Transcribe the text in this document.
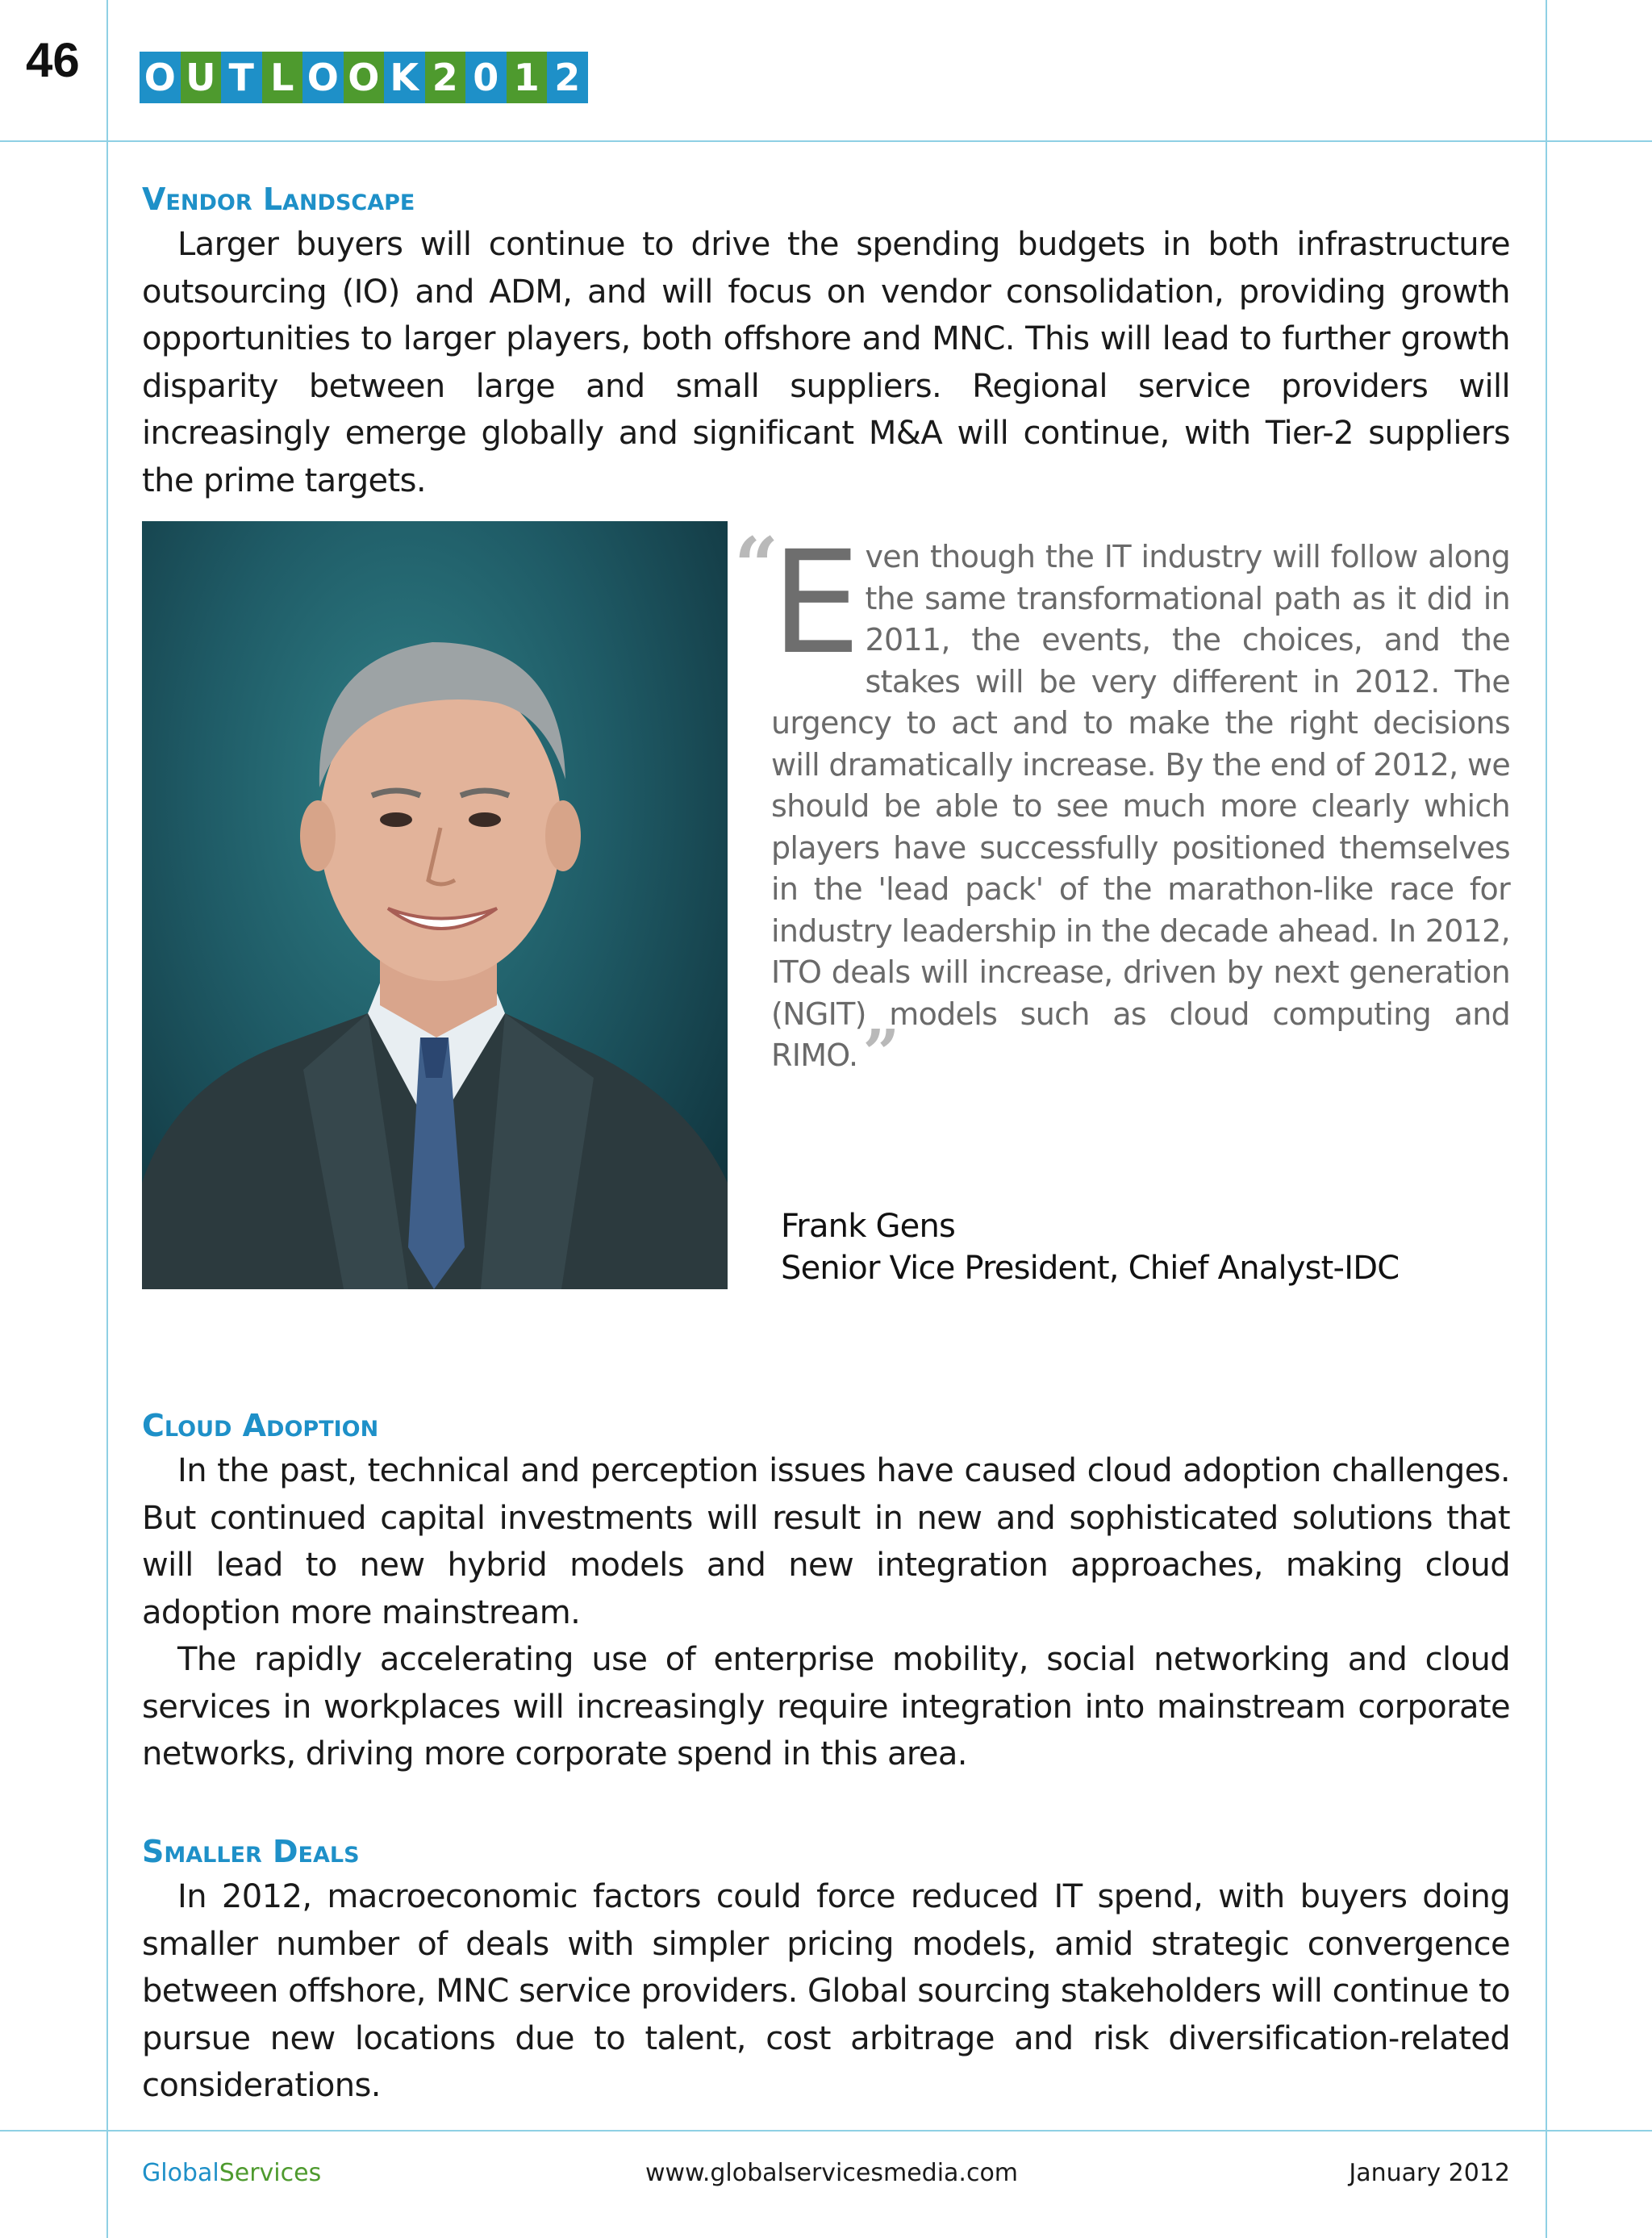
46 O U T L O O K 2 0 1 2
Vendor Landscape

Larger buyers will continue to drive the spending budgets in both infrastructure outsourcing (IO) and ADM, and will focus on vendor consolidation, providing growth opportunities to larger players, both offshore and MNC. This will lead to further growth disparity between large and small suppliers. Regional service providers will increasingly emerge globally and significant M&A will continue, with Tier-2 suppliers the prime targets.

“

Even though the IT industry will follow along the same transformational path as it did in 2011, the events, the choices, and the stakes will be very different in 2012. The urgency to act and to make the right decisions will dramatically increase. By the end of 2012, we should be able to see much more clearly which players have successfully positioned themselves in the 'lead pack' of the marathon-like race for industry leadership in the decade ahead. In 2012, ITO deals will increase, driven by next generation (NGIT) models such as cloud computing and RIMO.”

Frank Gens
Senior Vice President, Chief Analyst-IDC
Cloud Adoption

In the past, technical and perception issues have caused cloud adoption challenges. But continued capital investments will result in new and sophisticated solutions that will lead to new hybrid models and new integration approaches, making cloud adoption more mainstream.

The rapidly accelerating use of enterprise mobility, social networking and cloud services in workplaces will increasingly require integration into mainstream corporate networks, driving more corporate spend in this area.

Smaller Deals

In 2012, macroeconomic factors could force reduced IT spend, with buyers doing smaller number of deals with simpler pricing models, amid strategic convergence between offshore, MNC service providers. Global sourcing stakeholders will continue to pursue new locations due to talent, cost arbitrage and risk diversification-related considerations.

GlobalServices	www.globalservicesmedia.com	January 2012
